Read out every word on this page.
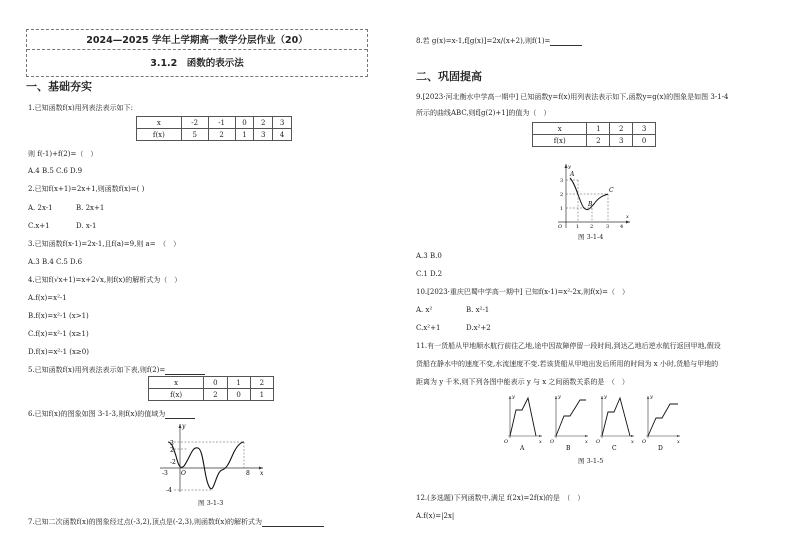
2024—2025 学年上学期高一数学分层作业（20）
3.1.2　函数的表示法
一、基础夯实
1.已知函数f(x)用列表法表示如下:
x	-2	-1	0	2	3
f(x)	5	2	1	3	4
则 f(-1)+f(2)=（　）
A.4 B.5 C.6 D.9
2.已知f(x+1)=2x+1,则函数f(x)=( )
A. 2x-1	B. 2x+1
C.x+1	D. x-1
3.已知函数f(x-1)=2x-1,且f(a)=9,则 a=　（　）
A.3 B.4 C.5 D.6
4.已知f(√x+1)=x+2√x,则f(x)的解析式为（　）
A.f(x)=x²-1
B.f(x)=x²-1 (x>1)
C.f(x)=x²-1 (x≥1)
D.f(x)=x²-1 (x≥0)
5.已知函数f(x)用列表法表示如下表,则f(2)=
x	0	1	2
f(x)	2	0	1
6.已知f(x)的图象如图 3-1-3,则f(x)的值域为
3
2
-4
-3
-2
O	8
y
x
图 3-1-3
7.已知二次函数f(x)的图象经过点(-3,2),顶点是(-2,3),则函数f(x)的解析式为
8.若 g(x)=x-1,f[g(x)]=2x/(x+2),则f(1)=
二、巩固提高
9.[2023·河北衡水中学高一期中] 已知函数y=f(x)用列表法表示如下,函数y=g(x)的图象是如图 3-1-4
所示的曲线ABC,则f[g(2)+1]的值为（　）
x	1	2	3
f(x)	2	3	0
A
B
C
3
2
1
O	1 2	3 4
y
x
图 3-1-4
A.3 B.0
C.1 D.2
10.[2023·重庆巴蜀中学高一期中] 已知f(x-1)=x²-2x,则f(x)=（　）
A. x²	B. x²-1
C.x²+1	D.x²+2
11.有一货船从甲地顺水航行前往乙地,途中因故障停留一段时间,到达乙地后逆水航行返回甲地,假设
货船在静水中的速度不变,水流速度不变.若该货船从甲地出发后所用的时间为 x 小时,货船与甲地的
距离为 y 千米,则下列各图中能表示 y 与 x 之间函数关系的是　（　）
y
x
O
A
y
x
O
B
y
x
O
C
y
x
O
D
图 3-1-5
12.(多选题)下列函数中,满足 f(2x)=2f(x)的是　（　）
A.f(x)=|2x|
